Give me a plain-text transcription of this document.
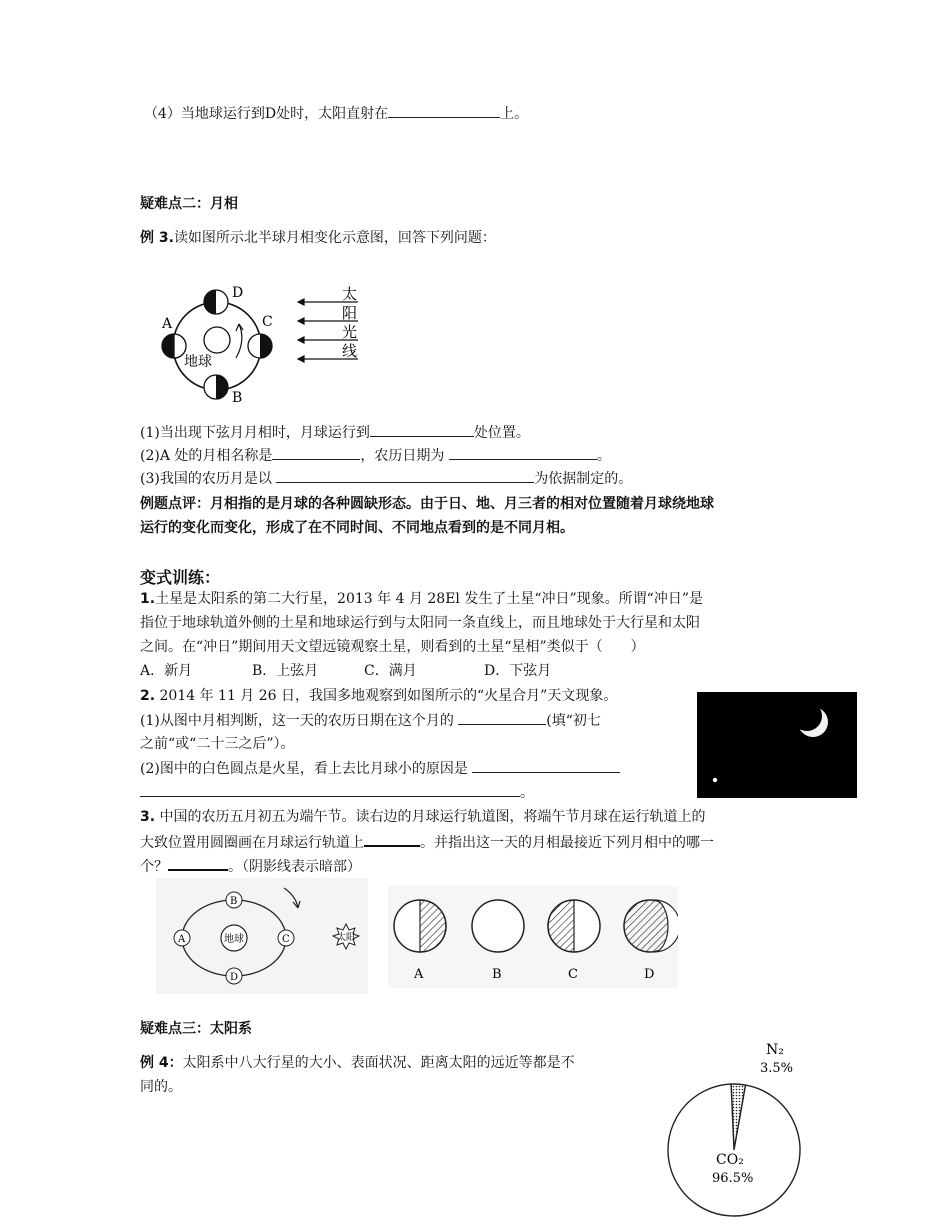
（4）当地球运行到D处时，太阳直射在	上。
疑难点二：月相
例 3.读如图所示北半球月相变化示意图，回答下列问题：
地球
D
B
A	C
太
阳
光
线
(1)当出现下弦月月相时，月球运行到	处位置。
(2)A 处的月相名称是	，农历日期为	。
(3)我国的农历月是以	为依据制定的。
例题点评：月相指的是月球的各种圆缺形态。由于日、地、月三者的相对位置随着月球绕地球
运行的变化而变化，形成了在不同时间、不同地点看到的是不同月相。
变式训练：
1.土星是太阳系的第二大行星，2013 年 4 月 28El 发生了土星“冲日”现象。所谓“冲日”是
指位于地球轨道外侧的土星和地球运行到与太阳同一条直线上，而且地球处于大行星和太阳
之间。在“冲日”期间用天文望远镜观察土星，则看到的土星“星相”类似于（　　）
A．新月	B．上弦月	C．满月	D．下弦月
2. 2014 年 11 月 26 日，我国多地观察到如图所示的“火星合月”天文现象。
(1)从图中月相判断，这一天的农历日期在这个月的	(填“初七
之前“或“二十三之后”）。
(2)图中的白色圆点是火星，看上去比月球小的原因是
。
3. 中国的农历五月初五为端午节。读右边的月球运行轨道图，将端午节月球在运行轨道上的
大致位置用圆圈画在月球运行轨道上	。并指出这一天的月相最接近下列月相中的哪一
个？	。（阴影线表示暗部）
地球
B
D
A	C	太阳
A	B	C	D
疑难点三：太阳系
例 4：太阳系中八大行星的大小、表面状况、距离太阳的远近等都是不
同的。
N₂
3.5%
CO₂
96.5%
